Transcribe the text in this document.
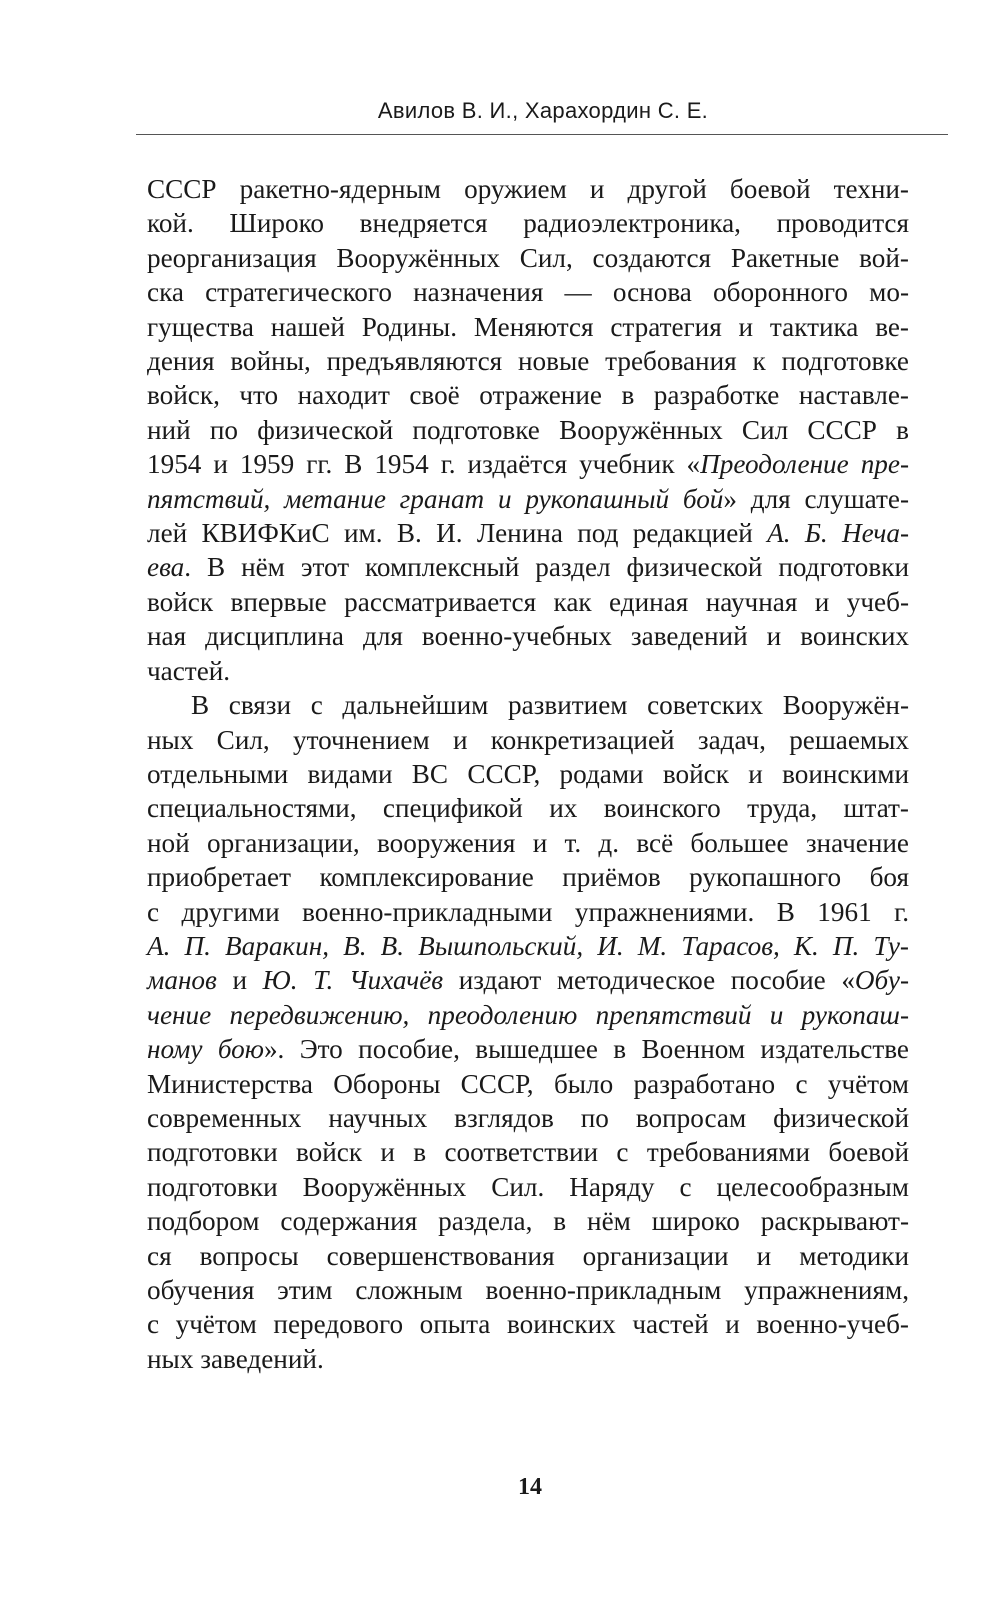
Авилов В. И., Харахордин С. Е.
СССР ракетно-ядерным оружием и другой боевой техни-
кой. Широко внедряется радиоэлектроника, проводится
реорганизация Вооружённых Сил, создаются Ракетные вой-
ска стратегического назначения — основа оборонного мо-
гущества нашей Родины. Меняются стратегия и тактика ве-
дения войны, предъявляются новые требования к подготовке
войск, что находит своё отражение в разработке наставле-
ний по физической подготовке Вооружённых Сил СССР в
1954 и 1959 гг. В 1954 г. издаётся учебник «Преодоление пре-
пятствий, метание гранат и рукопашный бой» для слушате-
лей КВИФКиС им. В. И. Ленина под редакцией А. Б. Неча-
ева. В нём этот комплексный раздел физической подготовки
войск впервые рассматривается как единая научная и учеб-
ная дисциплина для военно-учебных заведений и воинских
частей.
В связи с дальнейшим развитием советских Вооружён-
ных Сил, уточнением и конкретизацией задач, решаемых
отдельными видами ВС СССР, родами войск и воинскими
специальностями, спецификой их воинского труда, штат-
ной организации, вооружения и т. д. всё большее значение
приобретает комплексирование приёмов рукопашного боя
с другими военно-прикладными упражнениями. В 1961 г.
А. П. Варакин, В. В. Вышпольский, И. М. Тарасов, К. П. Ту-
манов и Ю. Т. Чихачёв издают методическое пособие «Обу-
чение передвижению, преодолению препятствий и рукопаш-
ному бою». Это пособие, вышедшее в Военном издательстве
Министерства Обороны СССР, было разработано с учётом
современных научных взглядов по вопросам физической
подготовки войск и в соответствии с требованиями боевой
подготовки Вооружённых Сил. Наряду с целесообразным
подбором содержания раздела, в нём широко раскрывают-
ся вопросы совершенствования организации и методики
обучения этим сложным военно-прикладным упражнениям,
с учётом передового опыта воинских частей и военно-учеб-
ных заведений.
14
